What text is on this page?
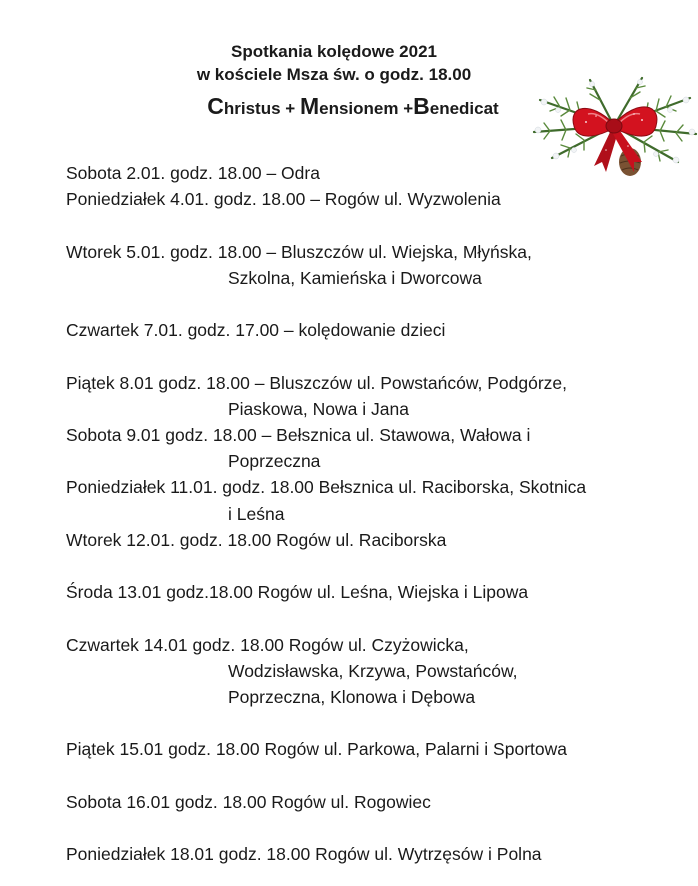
Spotkania kolędowe 2021
w kościele Msza św. o godz. 18.00
Christus + Mensionem +Benedicat
Sobota 2.01. godz. 18.00 – Odra
Poniedziałek 4.01. godz. 18.00 – Rogów ul. Wyzwolenia
Wtorek 5.01. godz. 18.00 – Bluszczów ul. Wiejska, Młyńska,
Szkolna, Kamieńska i Dworcowa
Czwartek 7.01. godz. 17.00 – kolędowanie dzieci
Piątek 8.01 godz. 18.00 – Bluszczów ul. Powstańców, Podgórze,
Piaskowa, Nowa i Jana
Sobota 9.01 godz. 18.00 – Bełsznica ul. Stawowa, Wałowa i
Poprzeczna
Poniedziałek 11.01. godz. 18.00 Bełsznica ul. Raciborska, Skotnica
i Leśna
Wtorek 12.01. godz. 18.00 Rogów ul. Raciborska
Środa 13.01 godz.18.00 Rogów ul. Leśna, Wiejska i Lipowa
Czwartek 14.01 godz. 18.00 Rogów ul. Czyżowicka,
Wodzisławska, Krzywa, Powstańców,
Poprzeczna, Klonowa i Dębowa
Piątek 15.01 godz. 18.00 Rogów ul. Parkowa, Palarni i Sportowa
Sobota 16.01 godz. 18.00 Rogów ul. Rogowiec
Poniedziałek 18.01 godz. 18.00 Rogów ul. Wytrzęsów i Polna
